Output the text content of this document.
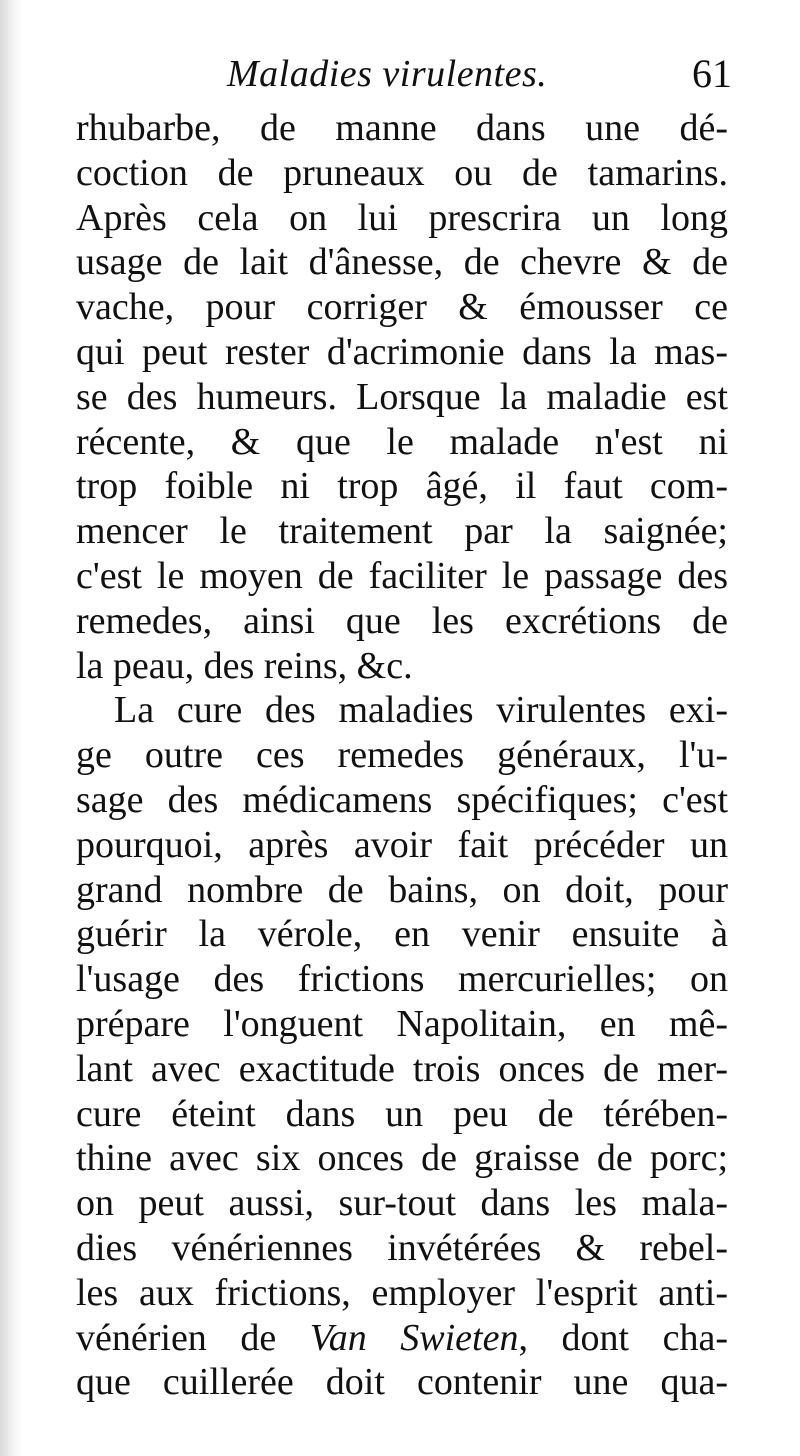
Maladies virulentes.	61
rhubarbe, de manne dans une dé-
coction de pruneaux ou de tamarins.
Après cela on lui prescrira un long
usage de lait d'ânesse, de chevre & de
vache, pour corriger & émousser ce
qui peut rester d'acrimonie dans la mas-
se des humeurs. Lorsque la maladie est
récente, & que le malade n'est ni
trop foible ni trop âgé, il faut com-
mencer le traitement par la saignée;
c'est le moyen de faciliter le passage des
remedes, ainsi que les excrétions de
la peau, des reins, &c.
La cure des maladies virulentes exi-
ge outre ces remedes généraux, l'u-
sage des médicamens spécifiques; c'est
pourquoi, après avoir fait précéder un
grand nombre de bains, on doit, pour
guérir la vérole, en venir ensuite à
l'usage des frictions mercurielles; on
prépare l'onguent Napolitain, en mê-
lant avec exactitude trois onces de mer-
cure éteint dans un peu de térében-
thine avec six onces de graisse de porc;
on peut aussi, sur-tout dans les mala-
dies vénériennes invétérées & rebel-
les aux frictions, employer l'esprit anti-
vénérien de Van Swieten, dont cha-
que cuillerée doit contenir une qua-
